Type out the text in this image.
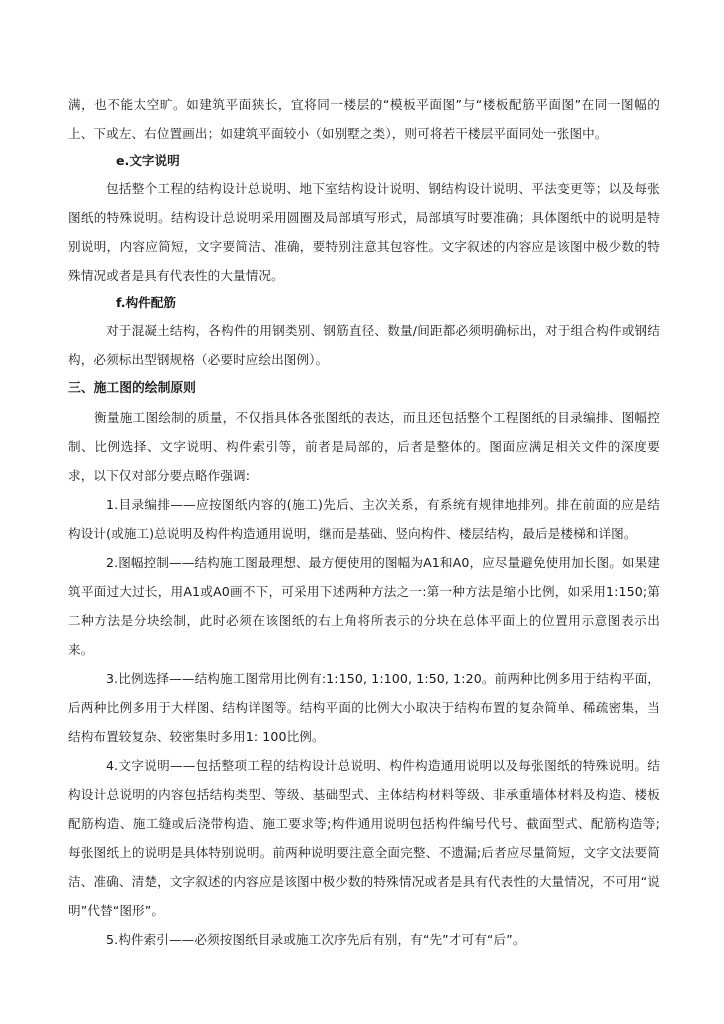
满，也不能太空旷。如建筑平面狭长，宜将同一楼层的“模板平面图”与“楼板配筋平面图”在同一图幅的上、下或左、右位置画出；如建筑平面较小（如别墅之类），则可将若干楼层平面同处一张图中。

e.文字说明

包括整个工程的结构设计总说明、地下室结构设计说明、钢结构设计说明、平法变更等；以及每张图纸的特殊说明。结构设计总说明采用圆圈及局部填写形式，局部填写时要准确；具体图纸中的说明是特别说明，内容应简短，文字要简洁、准确，要特别注意其包容性。文字叙述的内容应是该图中极少数的特殊情况或者是具有代表性的大量情况。

f.构件配筋

对于混凝土结构，各构件的用钢类别、钢筋直径、数量/间距都必须明确标出，对于组合构件或钢结构，必须标出型钢规格（必要时应绘出图例）。

三、施工图的绘制原则

衡量施工图绘制的质量，不仅指具体各张图纸的表达，而且还包括整个工程图纸的目录编排、图幅控制、比例选择、文字说明、构件索引等，前者是局部的，后者是整体的。图面应满足相关文件的深度要求，以下仅对部分要点略作强调:

1.目录编排——应按图纸内容的(施工)先后、主次关系，有系统有规律地排列。排在前面的应是结构设计(或施工)总说明及构件构造通用说明，继而是基础、竖向构件、楼层结构，最后是楼梯和详图。

2.图幅控制——结构施工图最理想、最方便使用的图幅为A1和A0，应尽量避免使用加长图。如果建筑平面过大过长，用A1或A0画不下，可采用下述两种方法之一:第一种方法是缩小比例，如采用1:150;第二种方法是分块绘制，此时必须在该图纸的右上角将所表示的分块在总体平面上的位置用示意图表示出来。

3.比例选择——结构施工图常用比例有:1:150, 1:100, 1:50, 1:20。前两种比例多用于结构平面，后两种比例多用于大样图、结构详图等。结构平面的比例大小取决于结构布置的复杂简单、稀疏密集，当结构布置较复杂、较密集时多用1: 100比例。

4.文字说明——包括整项工程的结构设计总说明、构件构造通用说明以及每张图纸的特殊说明。结构设计总说明的内容包括结构类型、等级、基础型式、主体结构材料等级、非承重墙体材料及构造、楼板配筋构造、施工缝或后浇带构造、施工要求等;构件通用说明包括构件编号代号、截面型式、配筋构造等;每张图纸上的说明是具体特别说明。前两种说明要注意全面完整、不遗漏;后者应尽量简短，文字文法要简洁、准确、清楚，文字叙述的内容应是该图中极少数的特殊情况或者是具有代表性的大量情况，不可用“说明”代替“图形”。

5.构件索引——必须按图纸目录或施工次序先后有别，有“先”才可有“后”。
